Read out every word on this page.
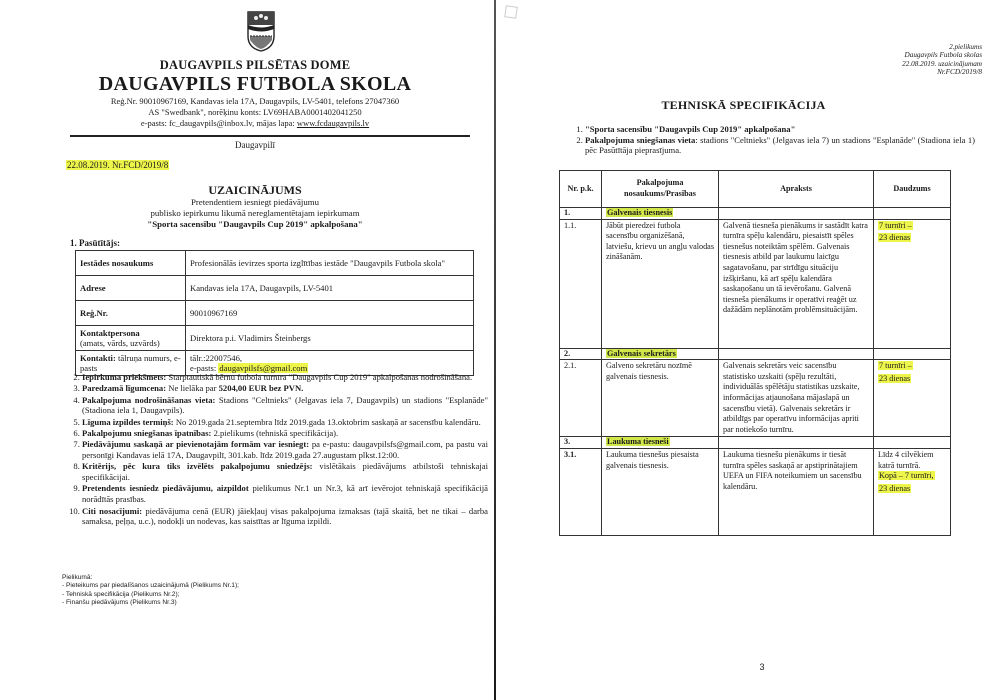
DAUGAVPILS PILSĒTAS DOME
DAUGAVPILS FUTBOLA SKOLA
Reģ.Nr. 90010967169, Kandavas iela 17A, Daugavpils, LV-5401, telefons 27047360
AS "Swedbank", norēķinu konts: LV69HABA0001402041250
e-pasts: fc_daugavpils@inbox.lv, mājas lapa: www.fcdaugavpils.lv
Daugavpilī
22.08.2019. Nr.FCD/2019/8
UZAICINĀJUMS
Pretendentiem iesniegt piedāvājumu
publisko iepirkumu likumā nereglamentētajam iepirkumam
"Sporta sacensību "Daugavpils Cup 2019" apkalpošana"
1. Pasūtītājs:
Iestādes nosaukums	Profesionālās ievirzes sporta izglītības iestāde "Daugavpils Futbola skola"
Adrese	Kandavas iela 17A, Daugavpils, LV-5401
Reģ.Nr.	90010967169

Kontaktpersona
(amats, vārds, uzvārds)	Direktora p.i. Vladimirs Šteinbergs
Kontakti: tālruņa numurs, e-pasts	tālr.:22007546,
e-pasts: daugavpilsfs@gmail.com
2. Iepirkuma priekšmets: Starptautiskā bērnu futbola turnīra "Daugavpils Cup 2019" apkalpošanas nodrošināšana.
3. Paredzamā līgumcena: Ne lielāka par 5204,00 EUR bez PVN.
4. Pakalpojuma nodrošināšanas vieta: Stadions "Celtnieks" (Jelgavas iela 7, Daugavpils) un stadions "Esplanāde" (Stadiona iela 1, Daugavpils).
5. Līguma izpildes termiņš: No 2019.gada 21.septembra līdz 2019.gada 13.oktobrim saskaņā ar sacensību kalendāru.
6. Pakalpojumu sniegšanas īpatnības: 2.pielikums (tehniskā specifikācija).
7. Piedāvājumu saskaņā ar pievienotajām formām var iesniegt: pa e-pastu: daugavpilsfs@gmail.com, pa pastu vai personīgi Kandavas ielā 17A, Daugavpilī, 301.kab. līdz 2019.gada 27.augustam plkst.12:00.
8. Kritērijs, pēc kura tiks izvēlēts pakalpojumu sniedzējs: vislētākais piedāvājums atbilstoši tehniskajai specifikācijai.
9. Pretendents iesniedz piedāvājumu, aizpildot pielikumus Nr.1 un Nr.3, kā arī ievērojot tehniskajā specifikācijā norādītās prasības.
10. Citi nosacījumi: piedāvājuma cenā (EUR) jāiekļauj visas pakalpojuma izmaksas (tajā skaitā, bet ne tikai – darba samaksa, peļņa, u.c.), nodokļi un nodevas, kas saistītas ar līguma izpildi.
Pielikumā:
- Pieteikums par piedalīšanos uzaicinājumā (Pielikums Nr.1);
- Tehniskā specifikācija (Pielikums Nr.2);
- Finanšu piedāvājums (Pielikums Nr.3)
2.pielikums
Daugavpils Futbola skolas
22.08.2019. uzaicinājumam
Nr.FCD/2019/8
TEHNISKĀ SPECIFIKĀCIJA
1. "Sporta sacensību "Daugavpils Cup 2019" apkalpošana"
2. Pakalpojuma sniegšanas vieta: stadions "Celtnieks" (Jelgavas iela 7) un stadions "Esplanāde" (Stadiona iela 1) pēc Pasūtītāja pieprasījuma.
Nr. p.k.	Pakalpojuma nosaukums/Prasības	Apraksts	Daudzums
1.	Galvenais tiesnesis		
1.1.	Jābūt pieredzei futbola sacensību organizēšanā, latviešu, krievu un angļu valodas zināšanām.	Galvenā tiesneša pienākums ir sastādīt katra turnīra spēļu kalendāru, piesaistīt spēles tiesnešus noteiktām spēlēm. Galvenais tiesnesis atbild par laukumu laicīgu sagatavošanu, par strīdīgu situāciju izšķiršanu, kā arī spēļu kalendāra saskaņošanu un tā ievērošanu. Galvenā tiesneša pienākums ir operatīvi reaģēt uz dažādām neplānotām problēmsituācijām.	7 turnīri –
23 dienas

2.	Galvenais sekretārs		
2.1.	Galveno sekretāru nozīmē galvenais tiesnesis.	Galvenais sekretārs veic sacensību statistisko uzskaiti (spēļu rezultāti, individuālās spēlētāju statistikas uzskaite, informācijas atjaunošana mājaslapā un sacensību vietā). Galvenais sekretārs ir atbildīgs par operatīvu informācijas apriti par notiekošo turnīru.	7 turnīri –
23 dienas

3.	Laukuma tiesneši		
3.1.	Laukuma tiesnešus piesaista galvenais tiesnesis.	Laukuma tiesnešu pienākums ir tiesāt turnīra spēles saskaņā ar apstiprinātajiem UEFA un FIFA noteikumiem un sacensību kalendāru.	Līdz 4 cilvēkiem katrā turnīrā.
Kopā – 7 turnīri,
23 dienas
3
